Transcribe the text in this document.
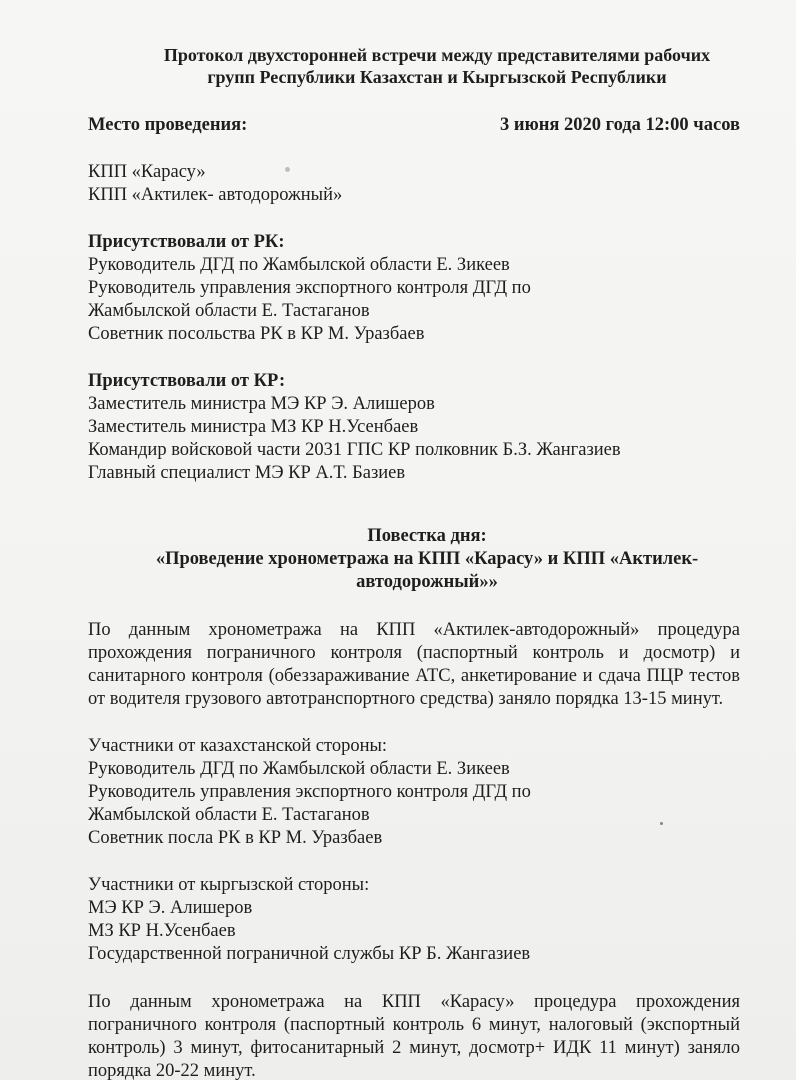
Протокол двухсторонней встречи между представителями рабочих
групп Республики Казахстан и Кыргызской Республики
Место проведения:	3 июня 2020 года 12:00 часов
КПП «Карасу»
КПП «Актилек- автодорожный»
Присутствовали от РК:
Руководитель ДГД по Жамбылской области Е. Зикеев
Руководитель управления экспортного контроля ДГД по
Жамбылской области Е. Тастаганов
Советник посольства РК в КР М. Уразбаев
Присутствовали от КР:
Заместитель министра МЭ КР Э. Алишеров
Заместитель министра МЗ КР Н.Усенбаев
Командир войсковой части 2031 ГПС КР полковник Б.З. Жангазиев
Главный специалист МЭ КР А.Т. Базиев
Повестка дня:
«Проведение хронометража на КПП «Карасу» и КПП «Актилек-
автодорожный»»
По данным хронометража на КПП «Актилек-автодорожный» процедура прохождения пограничного контроля (паспортный контроль и досмотр) и санитарного контроля (обеззараживание АТС, анкетирование и сдача ПЦР тестов от водителя грузового автотранспортного средства) заняло порядка 13-15 минут.
Участники от казахстанской стороны:
Руководитель ДГД по Жамбылской области Е. Зикеев
Руководитель управления экспортного контроля ДГД по
Жамбылской области Е. Тастаганов
Советник посла РК в КР М. Уразбаев
Участники от кыргызской стороны:
МЭ КР Э. Алишеров
МЗ КР Н.Усенбаев
Государственной пограничной службы КР Б. Жангазиев
По данным хронометража на КПП «Карасу» процедура прохождения пограничного контроля (паспортный контроль 6 минут, налоговый (экспортный контроль) 3 минут, фитосанитарный 2 минут, досмотр+ ИДК 11 минут) заняло порядка 20-22 минут.
